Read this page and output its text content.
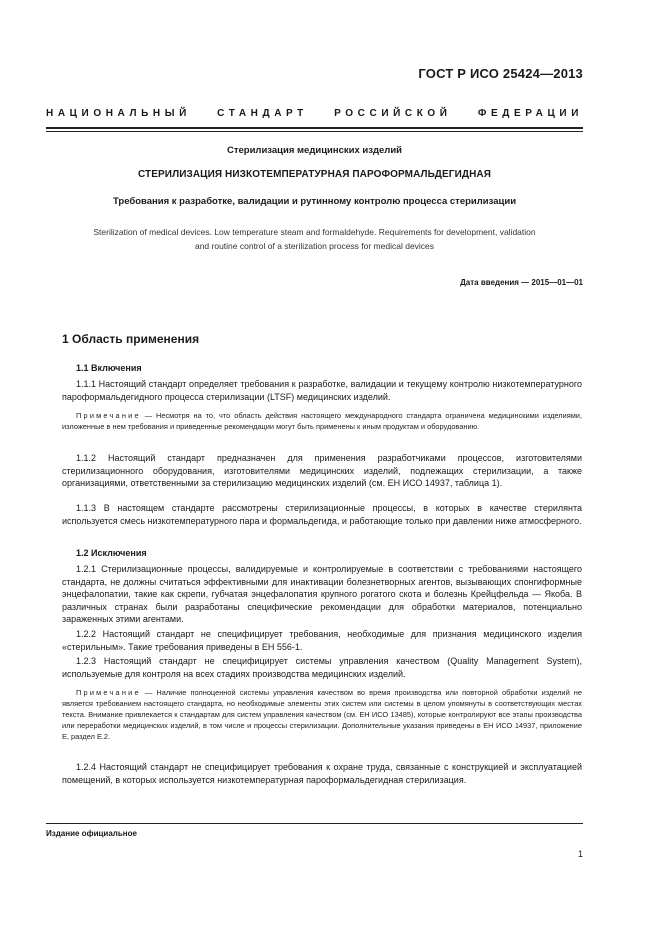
ГОСТ Р ИСО 25424—2013
НАЦИОНАЛЬНЫЙ СТАНДАРТ РОССИЙСКОЙ ФЕДЕРАЦИИ
Стерилизация медицинских изделий
СТЕРИЛИЗАЦИЯ НИЗКОТЕМПЕРАТУРНАЯ ПАРОФОРМАЛЬДЕГИДНАЯ
Требования к разработке, валидации и рутинному контролю процесса стерилизации
Sterilization of medical devices. Low temperature steam and formaldehyde. Requirements for development, validation
and routine control of a sterilization process for medical devices
Дата введения — 2015—01—01
1 Область применения
1.1 Включения

1.1.1 Настоящий стандарт определяет требования к разработке, валидации и текущему контролю низкотемпературного пароформальдегидного процесса стерилизации (LTSF) медицинских изделий.

Примечание — Несмотря на то, что область действия настоящего международного стандарта ограничена медицинскими изделиями, изложенные в нем требования и приведенные рекомендации могут быть применены к иным продуктам и оборудованию.

1.1.2 Настоящий стандарт предназначен для применения разработчиками процессов, изготовителями стерилизационного оборудования, изготовителями медицинских изделий, подлежащих стерилизации, а также организациями, ответственными за стерилизацию медицинских изделий (см. ЕН ИСО 14937, таблица 1).

1.1.3 В настоящем стандарте рассмотрены стерилизационные процессы, в которых в качестве стерилянта используется смесь низкотемпературного пара и формальдегида, и работающие только при давлении ниже атмосферного.

1.2 Исключения

1.2.1 Стерилизационные процессы, валидируемые и контролируемые в соответствии с требованиями настоящего стандарта, не должны считаться эффективными для инактивации болезнетворных агентов, вызывающих спонгиформные энцефалопатии, такие как скрепи, губчатая энцефалопатия крупного рогатого скота и болезнь Крейцфельда — Якоба. В различных странах были разработаны специфические рекомендации для обработки материалов, потенциально зараженных этими агентами.

1.2.2 Настоящий стандарт не специфицирует требования, необходимые для признания медицинского изделия «стерильным». Такие требования приведены в ЕН 556-1.

1.2.3 Настоящий стандарт не специфицирует системы управления качеством (Quality Management System), используемые для контроля на всех стадиях производства медицинских изделий.

Примечание — Наличие полноценной системы управления качеством во время производства или повторной обработки изделий не является требованием настоящего стандарта, но необходимые элементы этих систем или системы в целом упомянуты в соответствующих местах текста. Внимание привлекается к стандартам для систем управления качеством (см. ЕН ИСО 13485), которые контролируют все этапы производства или переработки медицинских изделий, в том числе и процессы стерилизации. Дополнительные указания приведены в ЕН ИСО 14937, приложение Е, раздел Е.2.

1.2.4 Настоящий стандарт не специфицирует требования к охране труда, связанные с конструкцией и эксплуатацией помещений, в которых используется низкотемпературная пароформальдегидная стерилизация.

Издание официальное
1
